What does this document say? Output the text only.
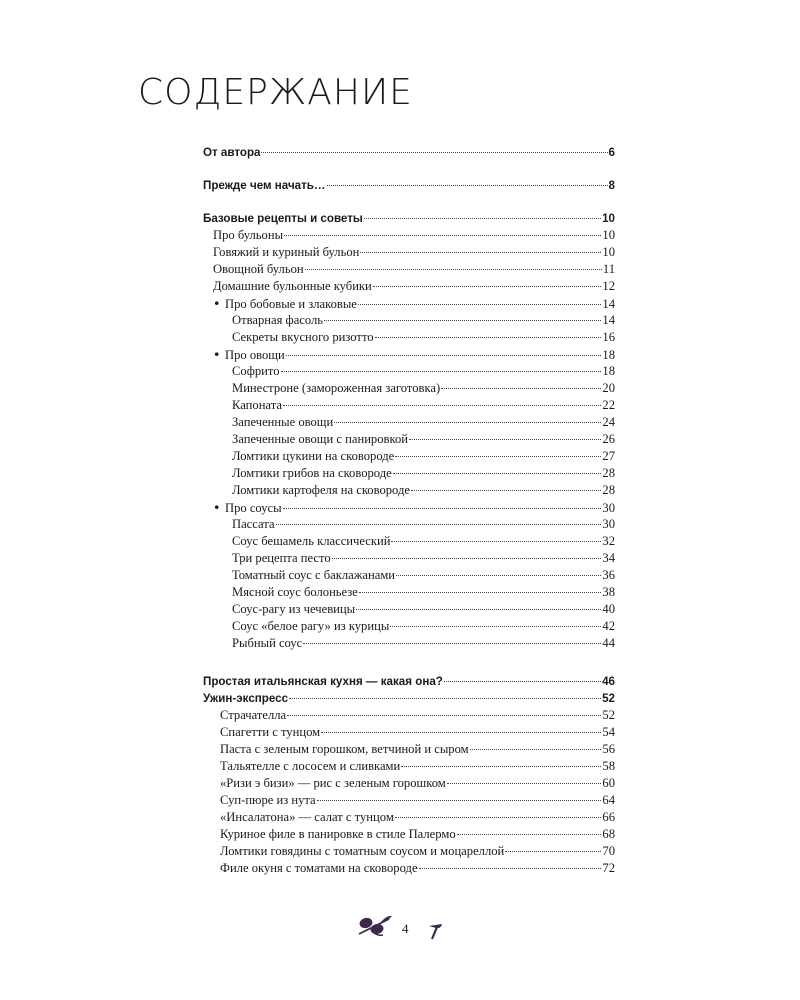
СОДЕРЖАНИЕ
От автора	6
Прежде чем начать…	8
Базовые рецепты и советы	10
Про бульоны	10
Говяжий и куриный бульон	10
Овощной бульон	11
Домашние бульонные кубики	12
• Про бобовые и злаковые	14
Отварная фасоль	14
Секреты вкусного ризотто	16
• Про овощи	18
Софрито	18
Минестроне (замороженная заготовка)	20
Капоната	22
Запеченные овощи	24
Запеченные овощи с панировкой	26
Ломтики цукини на сковороде	27
Ломтики грибов на сковороде	28
Ломтики картофеля на сковороде	28
• Про соусы	30
Пассата	30
Соус бешамель классический	32
Три рецепта песто	34
Томатный соус с баклажанами	36
Мясной соус болоньезе	38
Соус-рагу из чечевицы	40
Соус «белое рагу» из курицы	42
Рыбный соус	44
Простая итальянская кухня — какая она?	46
Ужин-экспресс	52
Страчателла	52
Спагетти с тунцом	54
Паста с зеленым горошком, ветчиной и сыром	56
Тальятелле с лососем и сливками	58
«Ризи э бизи» — рис с зеленым горошком	60
Суп-пюре из нута	64
«Инсалатона» — салат с тунцом	66
Куриное филе в панировке в стиле Палермо	68
Ломтики говядины с томатным соусом и моцареллой	70
Филе окуня с томатами на сковороде	72
4
